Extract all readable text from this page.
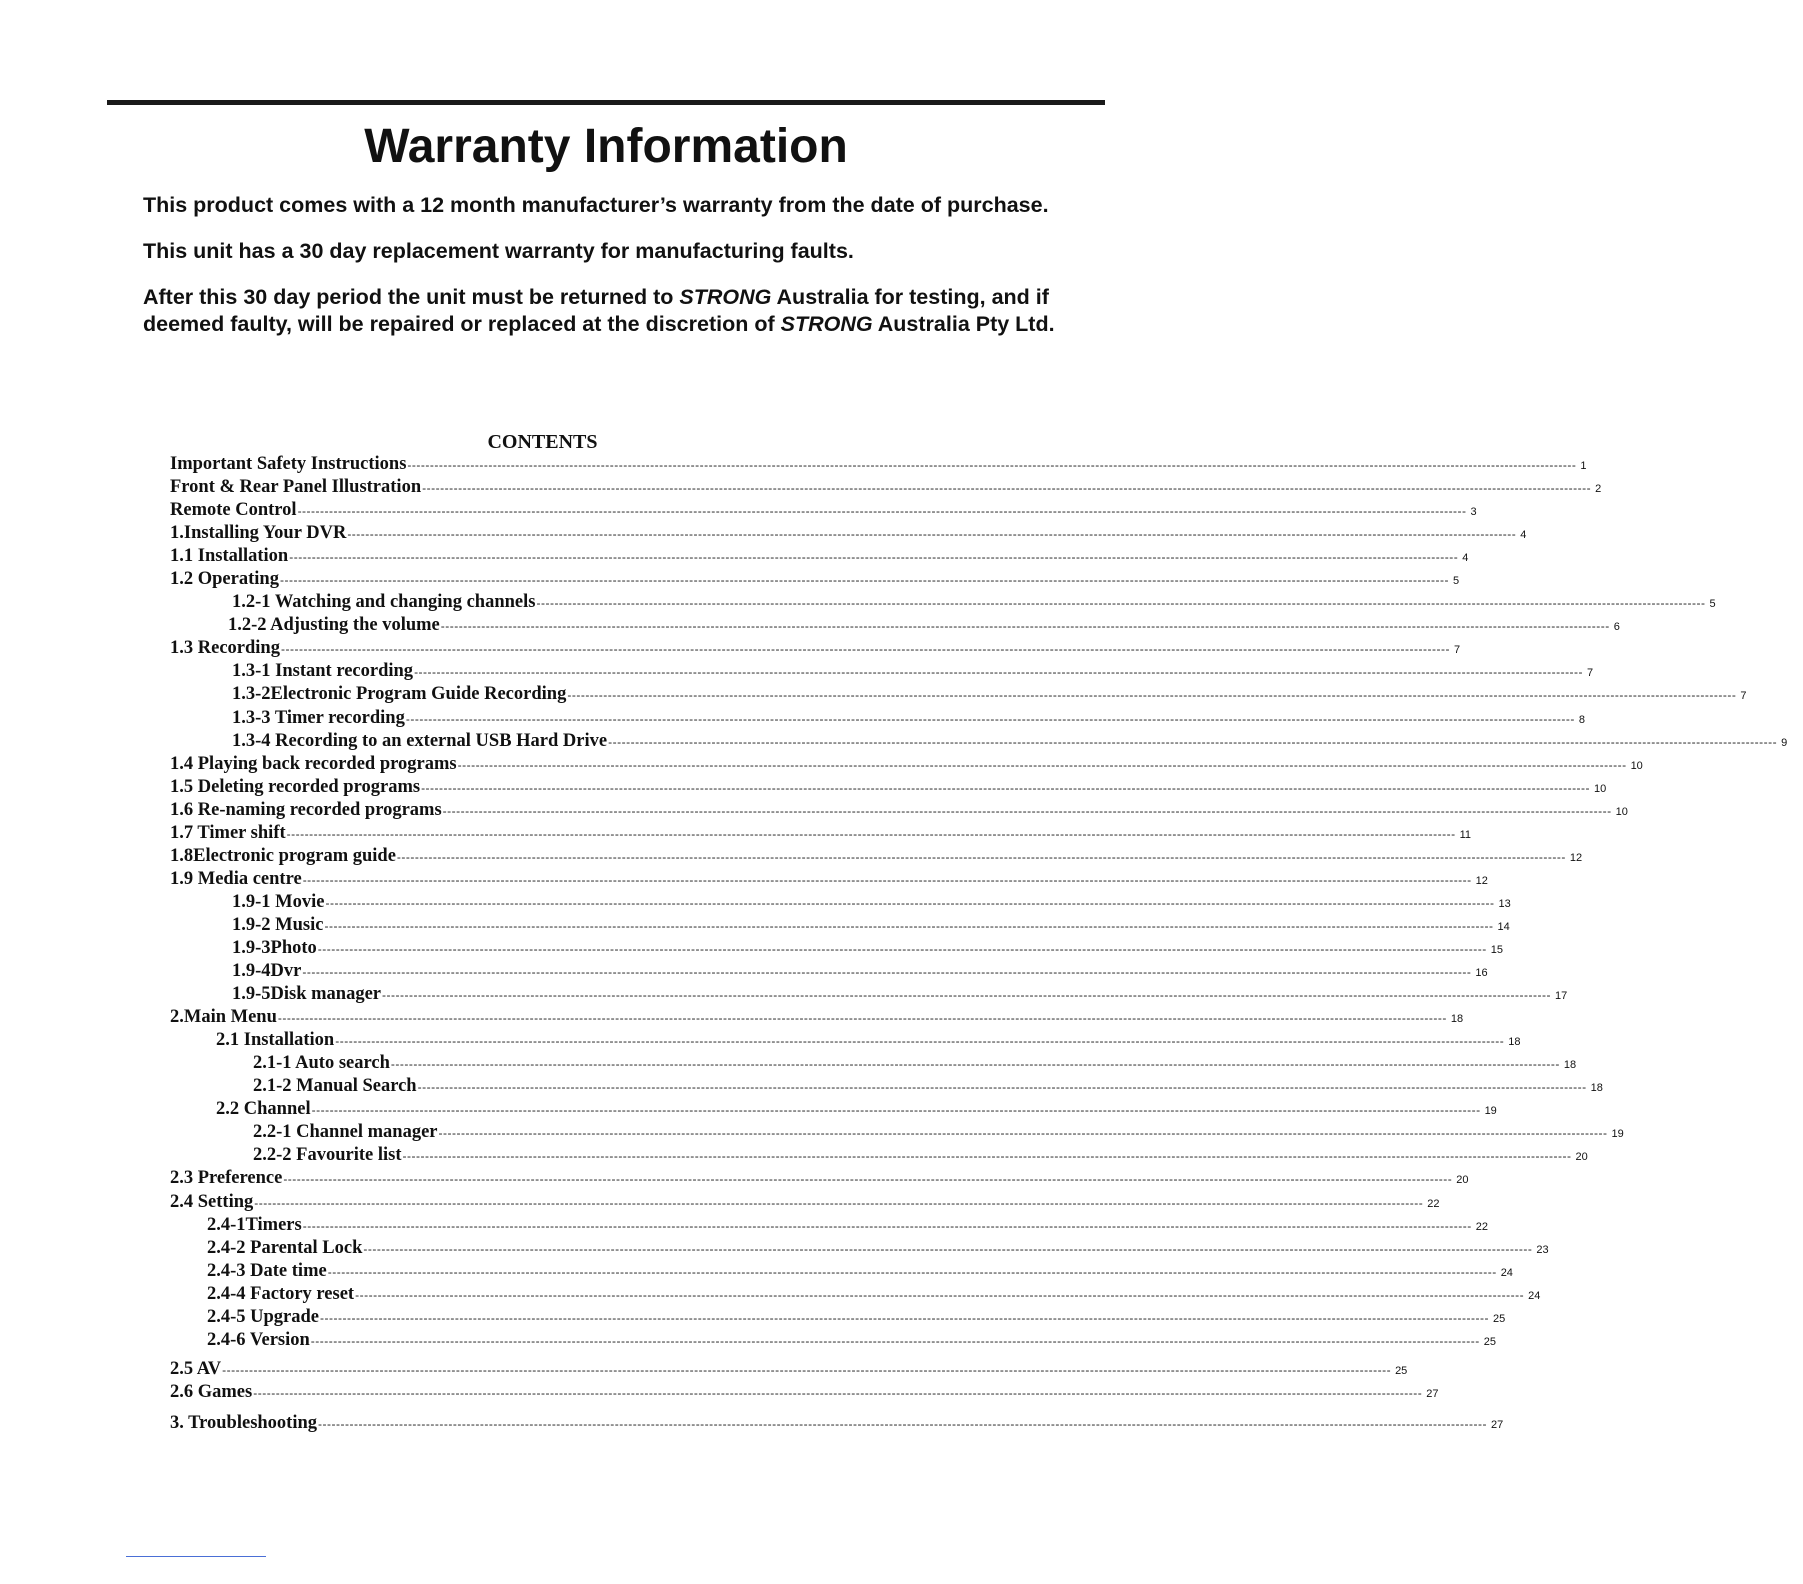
Warranty Information

This product comes with a 12 month manufacturer’s warranty from the date of purchase.

This unit has a 30 day replacement warranty for manufacturing faults.

After this 30 day period the unit must be returned to STRONG Australia for testing, and if deemed faulty, will be repaired or replaced at the discretion of STRONG Australia Pty Ltd.

CONTENTS
Important Safety Instructions -------------------------------------------------------------------------------------------------------------------------------------------------------------------------------------------------------------------------------------------------------------------- 1
Front & Rear Panel Illustration -------------------------------------------------------------------------------------------------------------------------------------------------------------------------------------------------------------------------------------------------------------------- 2
Remote Control -------------------------------------------------------------------------------------------------------------------------------------------------------------------------------------------------------------------------------------------------------------------- 3
1.Installing Your DVR -------------------------------------------------------------------------------------------------------------------------------------------------------------------------------------------------------------------------------------------------------------------- 4
1.1 Installation -------------------------------------------------------------------------------------------------------------------------------------------------------------------------------------------------------------------------------------------------------------------- 4
1.2 Operating -------------------------------------------------------------------------------------------------------------------------------------------------------------------------------------------------------------------------------------------------------------------- 5
1.2-1 Watching and changing channels -------------------------------------------------------------------------------------------------------------------------------------------------------------------------------------------------------------------------------------------------------------------- 5
1.2-2 Adjusting the volume -------------------------------------------------------------------------------------------------------------------------------------------------------------------------------------------------------------------------------------------------------------------- 6
1.3 Recording -------------------------------------------------------------------------------------------------------------------------------------------------------------------------------------------------------------------------------------------------------------------- 7
1.3-1 Instant recording -------------------------------------------------------------------------------------------------------------------------------------------------------------------------------------------------------------------------------------------------------------------- 7
1.3-2Electronic Program Guide Recording -------------------------------------------------------------------------------------------------------------------------------------------------------------------------------------------------------------------------------------------------------------------- 7
1.3-3 Timer recording -------------------------------------------------------------------------------------------------------------------------------------------------------------------------------------------------------------------------------------------------------------------- 8
1.3-4 Recording to an external USB Hard Drive -------------------------------------------------------------------------------------------------------------------------------------------------------------------------------------------------------------------------------------------------------------------- 9
1.4 Playing back recorded programs -------------------------------------------------------------------------------------------------------------------------------------------------------------------------------------------------------------------------------------------------------------------- 10
1.5 Deleting recorded programs -------------------------------------------------------------------------------------------------------------------------------------------------------------------------------------------------------------------------------------------------------------------- 10
1.6 Re-naming recorded programs -------------------------------------------------------------------------------------------------------------------------------------------------------------------------------------------------------------------------------------------------------------------- 10
1.7 Timer shift -------------------------------------------------------------------------------------------------------------------------------------------------------------------------------------------------------------------------------------------------------------------- 11
1.8Electronic program guide -------------------------------------------------------------------------------------------------------------------------------------------------------------------------------------------------------------------------------------------------------------------- 12
1.9 Media centre -------------------------------------------------------------------------------------------------------------------------------------------------------------------------------------------------------------------------------------------------------------------- 12
1.9-1 Movie -------------------------------------------------------------------------------------------------------------------------------------------------------------------------------------------------------------------------------------------------------------------- 13
1.9-2 Music -------------------------------------------------------------------------------------------------------------------------------------------------------------------------------------------------------------------------------------------------------------------- 14
1.9-3Photo -------------------------------------------------------------------------------------------------------------------------------------------------------------------------------------------------------------------------------------------------------------------- 15
1.9-4Dvr -------------------------------------------------------------------------------------------------------------------------------------------------------------------------------------------------------------------------------------------------------------------- 16
1.9-5Disk manager -------------------------------------------------------------------------------------------------------------------------------------------------------------------------------------------------------------------------------------------------------------------- 17
2.Main Menu -------------------------------------------------------------------------------------------------------------------------------------------------------------------------------------------------------------------------------------------------------------------- 18
2.1 Installation -------------------------------------------------------------------------------------------------------------------------------------------------------------------------------------------------------------------------------------------------------------------- 18
2.1-1 Auto search -------------------------------------------------------------------------------------------------------------------------------------------------------------------------------------------------------------------------------------------------------------------- 18
2.1-2 Manual Search -------------------------------------------------------------------------------------------------------------------------------------------------------------------------------------------------------------------------------------------------------------------- 18
2.2 Channel -------------------------------------------------------------------------------------------------------------------------------------------------------------------------------------------------------------------------------------------------------------------- 19
2.2-1 Channel manager -------------------------------------------------------------------------------------------------------------------------------------------------------------------------------------------------------------------------------------------------------------------- 19
2.2-2 Favourite list -------------------------------------------------------------------------------------------------------------------------------------------------------------------------------------------------------------------------------------------------------------------- 20
2.3 Preference -------------------------------------------------------------------------------------------------------------------------------------------------------------------------------------------------------------------------------------------------------------------- 20
2.4 Setting -------------------------------------------------------------------------------------------------------------------------------------------------------------------------------------------------------------------------------------------------------------------- 22
2.4-1Timers -------------------------------------------------------------------------------------------------------------------------------------------------------------------------------------------------------------------------------------------------------------------- 22
2.4-2 Parental Lock -------------------------------------------------------------------------------------------------------------------------------------------------------------------------------------------------------------------------------------------------------------------- 23
2.4-3 Date time -------------------------------------------------------------------------------------------------------------------------------------------------------------------------------------------------------------------------------------------------------------------- 24
2.4-4 Factory reset -------------------------------------------------------------------------------------------------------------------------------------------------------------------------------------------------------------------------------------------------------------------- 24
2.4-5 Upgrade -------------------------------------------------------------------------------------------------------------------------------------------------------------------------------------------------------------------------------------------------------------------- 25
2.4-6 Version -------------------------------------------------------------------------------------------------------------------------------------------------------------------------------------------------------------------------------------------------------------------- 25
2.5 AV -------------------------------------------------------------------------------------------------------------------------------------------------------------------------------------------------------------------------------------------------------------------- 25
2.6 Games -------------------------------------------------------------------------------------------------------------------------------------------------------------------------------------------------------------------------------------------------------------------- 27
3. Troubleshooting -------------------------------------------------------------------------------------------------------------------------------------------------------------------------------------------------------------------------------------------------------------------- 27
